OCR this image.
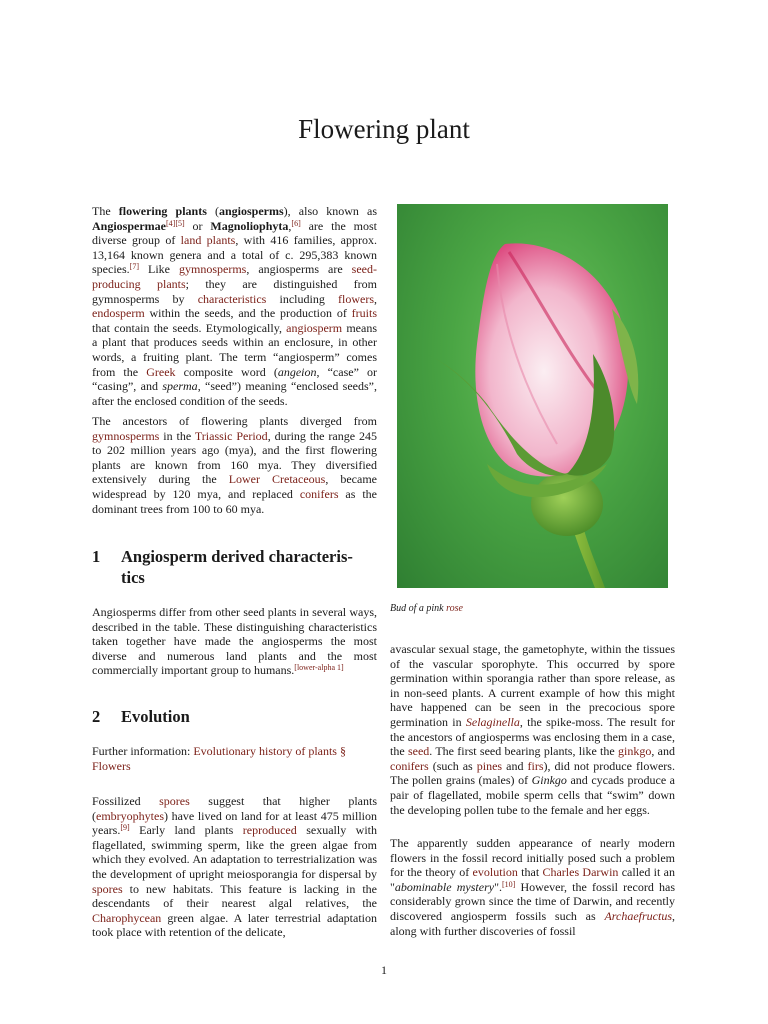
Flowering plant

The flowering plants (angiosperms), also known as Angiospermae[4][5] or Magnoliophyta,[6] are the most diverse group of land plants, with 416 families, approx. 13,164 known genera and a total of c. 295,383 known species.[7] Like gymnosperms, angiosperms are seed-producing plants; they are distinguished from gymnosperms by characteristics including flowers, endosperm within the seeds, and the production of fruits that contain the seeds. Etymologically, angiosperm means a plant that produces seeds within an enclosure, in other words, a fruiting plant. The term “angiosperm” comes from the Greek composite word (angeion, “case” or “casing”, and sperma, “seed”) meaning “enclosed seeds”, after the enclosed condition of the seeds.

The ancestors of flowering plants diverged from gymnosperms in the Triassic Period, during the range 245 to 202 million years ago (mya), and the first flowering plants are known from 160 mya. They diversified extensively during the Lower Cretaceous, became widespread by 120 mya, and replaced conifers as the dominant trees from 100 to 60 mya.

1 Angiosperm derived characteris-
tics

Angiosperms differ from other seed plants in several ways, described in the table. These distinguishing characteristics taken together have made the angiosperms the most diverse and numerous land plants and the most commercially important group to humans.[lower-alpha 1]

2 Evolution

Further information: Evolutionary history of plants §
Flowers

Fossilized spores suggest that higher plants (embryophytes) have lived on land for at least 475 million years.[9] Early land plants reproduced sexually with flagellated, swimming sperm, like the green algae from which they evolved. An adaptation to terrestrialization was the development of upright meiosporangia for dispersal by spores to new habitats. This feature is lacking in the descendants of their nearest algal relatives, the Charophycean green algae. A later terrestrial adaptation took place with retention of the delicate,

Bud of a pink rose

avascular sexual stage, the gametophyte, within the tissues of the vascular sporophyte. This occurred by spore germination within sporangia rather than spore release, as in non-seed plants. A current example of how this might have happened can be seen in the precocious spore germination in Selaginella, the spike-moss. The result for the ancestors of angiosperms was enclosing them in a case, the seed. The first seed bearing plants, like the ginkgo, and conifers (such as pines and firs), did not produce flowers. The pollen grains (males) of Ginkgo and cycads produce a pair of flagellated, mobile sperm cells that “swim” down the developing pollen tube to the female and her eggs.

The apparently sudden appearance of nearly modern flowers in the fossil record initially posed such a problem for the theory of evolution that Charles Darwin called it an "abominable mystery".[10] However, the fossil record has considerably grown since the time of Darwin, and recently discovered angiosperm fossils such as Archaefructus, along with further discoveries of fossil

1
